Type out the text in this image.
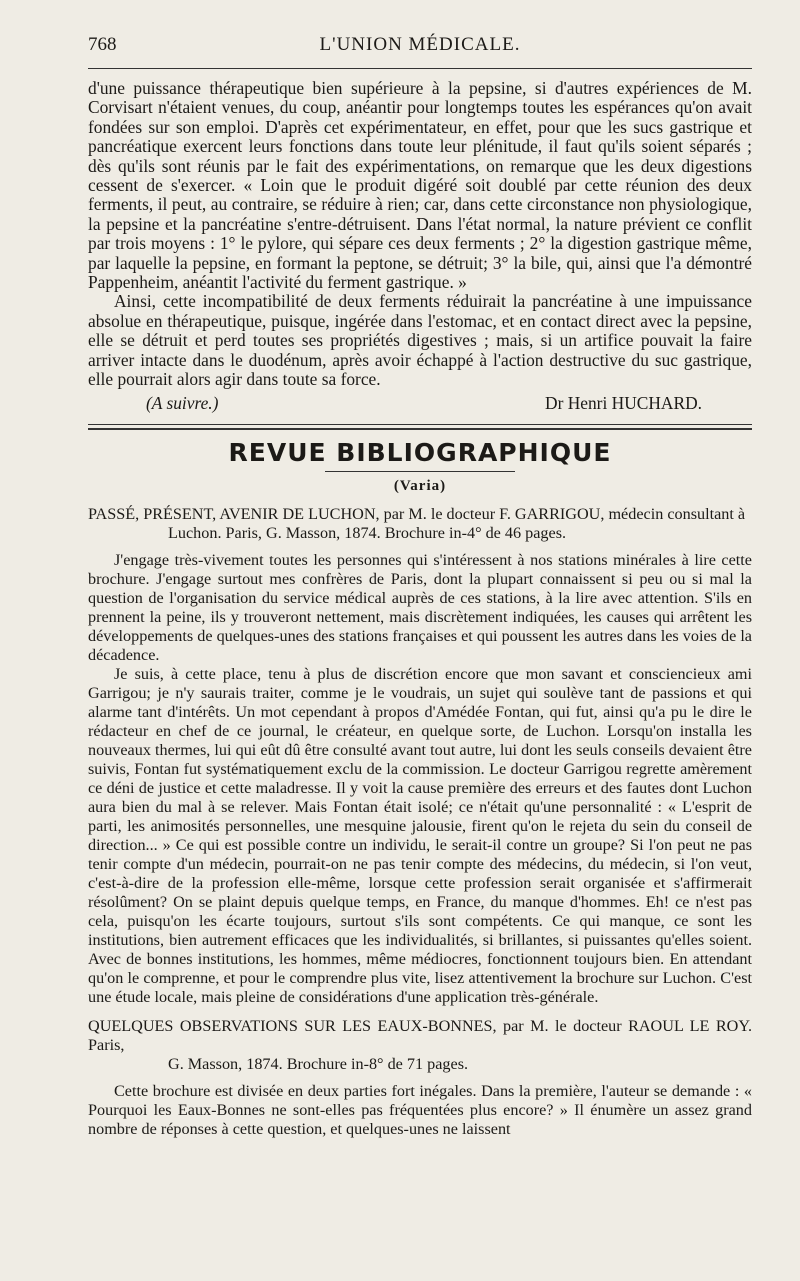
768	L'UNION MÉDICALE.

d'une puissance thérapeutique bien supérieure à la pepsine, si d'autres expériences de M. Corvisart n'étaient venues, du coup, anéantir pour longtemps toutes les espérances qu'on avait fondées sur son emploi. D'après cet expérimentateur, en effet, pour que les sucs gastrique et pancréatique exercent leurs fonctions dans toute leur plénitude, il faut qu'ils soient séparés ; dès qu'ils sont réunis par le fait des expérimentations, on remarque que les deux digestions cessent de s'exercer. « Loin que le produit digéré soit doublé par cette réunion des deux ferments, il peut, au contraire, se réduire à rien; car, dans cette circonstance non physiologique, la pepsine et la pancréatine s'entre-détruisent. Dans l'état normal, la nature prévient ce conflit par trois moyens : 1° le pylore, qui sépare ces deux ferments ; 2° la digestion gastrique même, par laquelle la pepsine, en formant la peptone, se détruit; 3° la bile, qui, ainsi que l'a démontré Pappenheim, anéantit l'activité du ferment gastrique. »

Ainsi, cette incompatibilité de deux ferments réduirait la pancréatine à une impuissance absolue en thérapeutique, puisque, ingérée dans l'estomac, et en contact direct avec la pepsine, elle se détruit et perd toutes ses propriétés digestives ; mais, si un artifice pouvait la faire arriver intacte dans le duodénum, après avoir échappé à l'action destructive du suc gastrique, elle pourrait alors agir dans toute sa force.

(A suivre.)	Dr Henri HUCHARD.
REVUE BIBLIOGRAPHIQUE
(Varia)
PASSÉ, PRÉSENT, AVENIR DE LUCHON, par M. le docteur F. GARRIGOU, médecin consultant à
Luchon. Paris, G. Masson, 1874. Brochure in-4° de 46 pages.

J'engage très-vivement toutes les personnes qui s'intéressent à nos stations minérales à lire cette brochure. J'engage surtout mes confrères de Paris, dont la plupart connaissent si peu ou si mal la question de l'organisation du service médical auprès de ces stations, à la lire avec attention. S'ils en prennent la peine, ils y trouveront nettement, mais discrètement indiquées, les causes qui arrêtent les développements de quelques-unes des stations françaises et qui poussent les autres dans les voies de la décadence.

Je suis, à cette place, tenu à plus de discrétion encore que mon savant et consciencieux ami Garrigou; je n'y saurais traiter, comme je le voudrais, un sujet qui soulève tant de passions et qui alarme tant d'intérêts. Un mot cependant à propos d'Amédée Fontan, qui fut, ainsi qu'a pu le dire le rédacteur en chef de ce journal, le créateur, en quelque sorte, de Luchon. Lorsqu'on installa les nouveaux thermes, lui qui eût dû être consulté avant tout autre, lui dont les seuls conseils devaient être suivis, Fontan fut systématiquement exclu de la commission. Le docteur Garrigou regrette amèrement ce déni de justice et cette maladresse. Il y voit la cause première des erreurs et des fautes dont Luchon aura bien du mal à se relever. Mais Fontan était isolé; ce n'était qu'une personnalité : « L'esprit de parti, les animosités personnelles, une mesquine jalousie, firent qu'on le rejeta du sein du conseil de direction... » Ce qui est possible contre un individu, le serait-il contre un groupe? Si l'on peut ne pas tenir compte d'un médecin, pourrait-on ne pas tenir compte des médecins, du médecin, si l'on veut, c'est-à-dire de la profession elle-même, lorsque cette profession serait organisée et s'affirmerait résolûment? On se plaint depuis quelque temps, en France, du manque d'hommes. Eh! ce n'est pas cela, puisqu'on les écarte toujours, surtout s'ils sont compétents. Ce qui manque, ce sont les institutions, bien autrement efficaces que les individualités, si brillantes, si puissantes qu'elles soient. Avec de bonnes institutions, les hommes, même médiocres, fonctionnent toujours bien. En attendant qu'on le comprenne, et pour le comprendre plus vite, lisez attentivement la brochure sur Luchon. C'est une étude locale, mais pleine de considérations d'une application très-générale.

QUELQUES OBSERVATIONS SUR LES EAUX-BONNES, par M. le docteur RAOUL LE ROY. Paris,
G. Masson, 1874. Brochure in-8° de 71 pages.

Cette brochure est divisée en deux parties fort inégales. Dans la première, l'auteur se demande : « Pourquoi les Eaux-Bonnes ne sont-elles pas fréquentées plus encore? » Il énumère un assez grand nombre de réponses à cette question, et quelques-unes ne laissent
